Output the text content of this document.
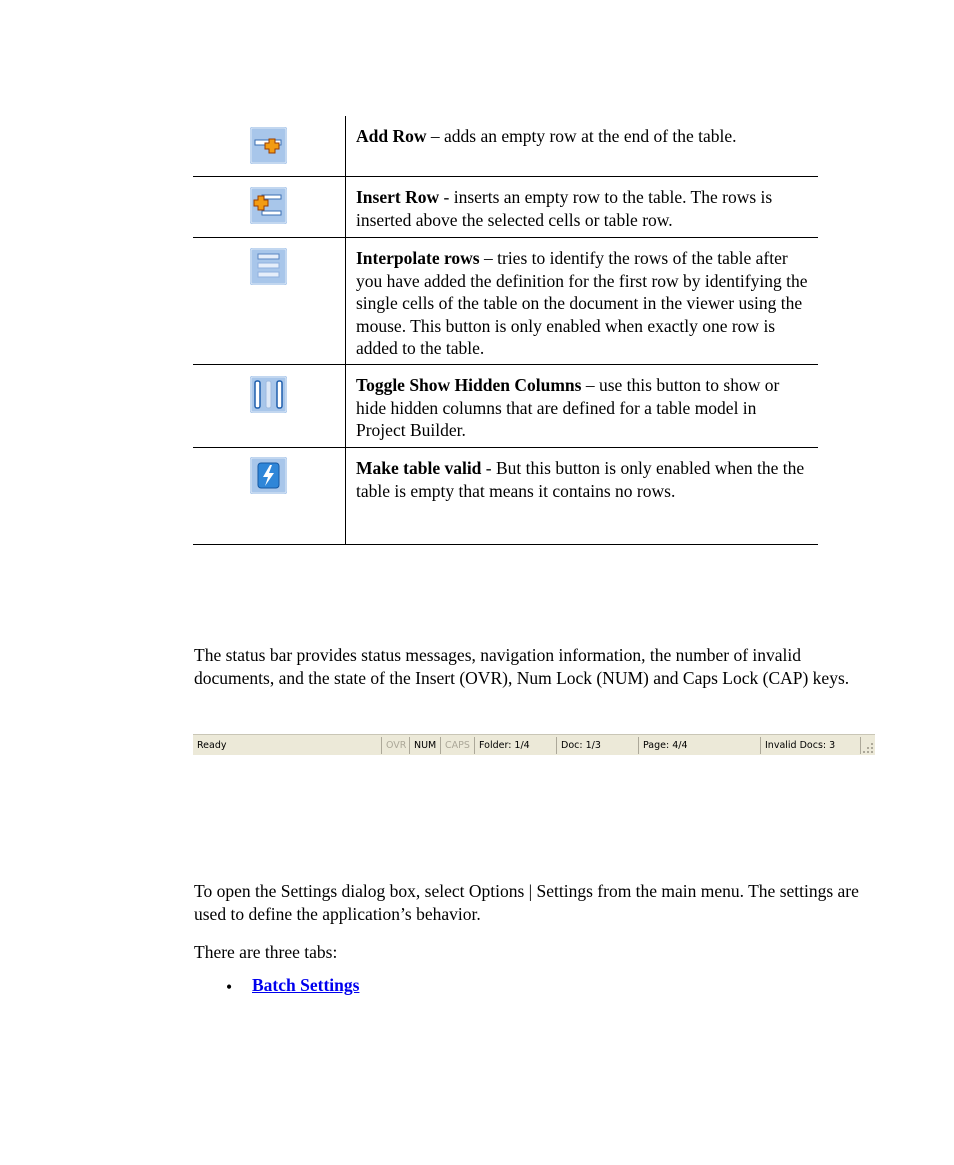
Add Row – adds an empty row at the end of the table.
Insert Row - inserts an empty row to the table. The rows is inserted above the selected cells or table row.
Interpolate rows – tries to identify the rows of the table after you have added the definition for the first row by identifying the single cells of the table on the document in the viewer using the mouse. This button is only enabled when exactly one row is added to the table.
Toggle Show Hidden Columns – use this button to show or hide hidden columns that are defined for a table model in Project Builder.
Make table valid - But this button is only enabled when the the table is empty that means it contains no rows.

The status bar provides status messages, navigation information, the number of invalid documents, and the state of the Insert (OVR), Num Lock (NUM) and Caps Lock (CAP) keys.

Ready	OVR NUM CAPS Folder: 1/4	Doc: 1/3	Page: 4/4	Invalid Docs: 3

To open the Settings dialog box, select Options | Settings from the main menu. The settings are used to define the application’s behavior.

There are three tabs:

• Batch Settings
